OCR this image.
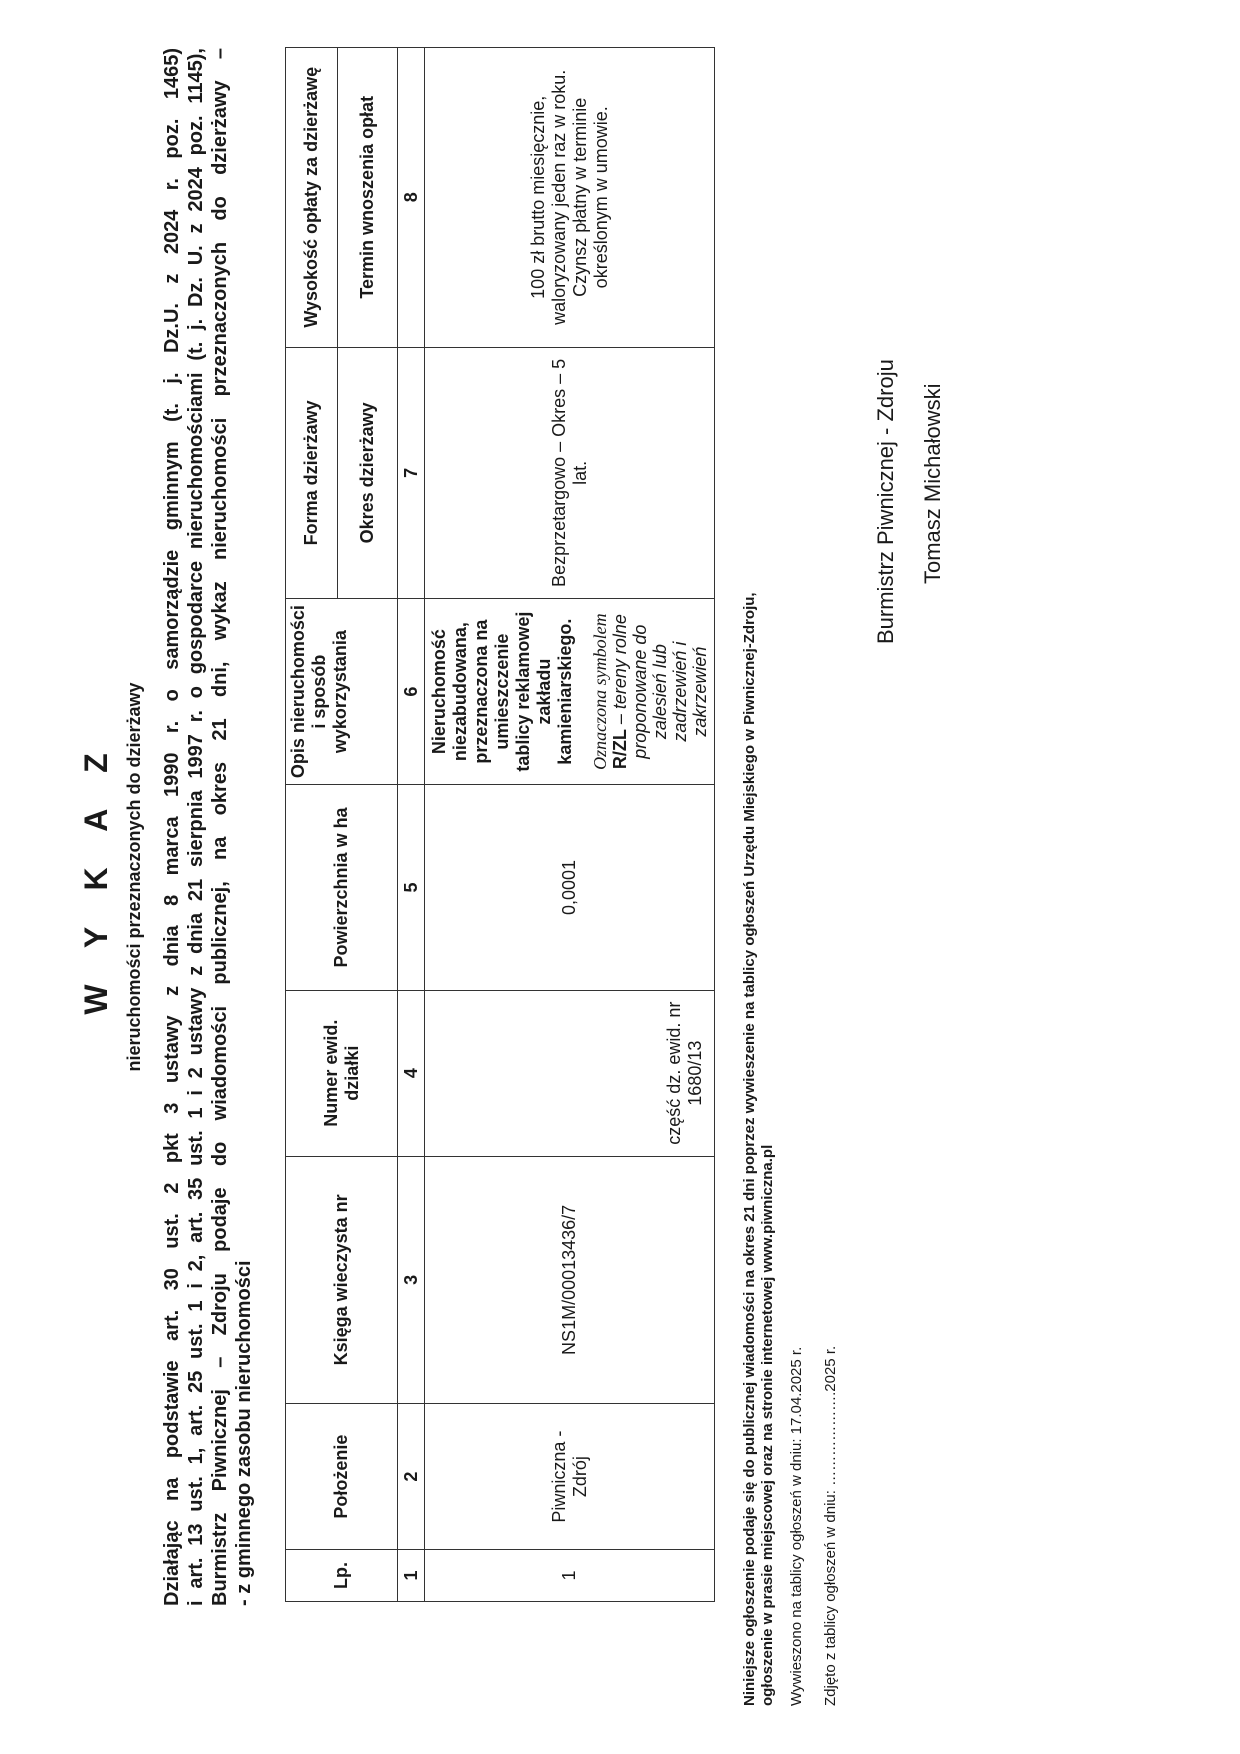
W Y K A Z nieruchomości przeznaczonych do dzierżawy Działając na podstawie art. 30 ust. 2 pkt 3 ustawy z dnia 8 marca 1990 r. o samorządzie gminnym (t. j. Dz.U. z 2024 r. poz. 1465) i art. 13 ust. 1, art. 25 ust. 1 i 2, art. 35 ust. 1 i 2 ustawy z dnia 21 sierpnia 1997 r. o gospodarce nieruchomościami (t. j. Dz. U. z 2024 poz. 1145), Burmistrz Piwnicznej – Zdroju podaje do wiadomości publicznej, na okres 21 dni, wykaz nieruchomości przeznaczonych do dzierżawy – - z gminnego zasobu nieruchomości	Lp.	Położenie	Księga wieczysta nr	Numer ewid. działki	Powierzchnia w ha	Opis nieruchomości i sposób wykorzystania	Forma dzierżawy	Wysokość opłaty za dzierżawę
						Okres dzierżawy	Termin wnoszenia opłat
1	2	3	4	5	6	7	8
1	Piwniczna - Zdrój	NS1M/00013436/7	część dz. ewid. nr 1680/13	0,0001	Nieruchomość niezabudowana, przeznaczona na umieszczenie tablicy reklamowej zakładu kamieniarskiego. Oznaczona symbolem R/ZL – tereny rolne proponowane do zalesień lub zadrzewień i zakrzewień	Bezprzetargowo – Okres – 5 lat.	100 zł brutto miesięcznie, waloryzowany jeden raz w roku. Czynsz płatny w terminie określonym w umowie.
Niniejsze ogłoszenie podaje się do publicznej wiadomości na okres 21 dni poprzez wywieszenie na tablicy ogłoszeń Urzędu Miejskiego w Piwnicznej-Zdroju, ogłoszenie w prasie miejscowej oraz na stronie internetowej www.piwniczna.pl Wywieszono na tablicy ogłoszeń w dniu: 17.04.2025 r. Zdjęto z tablicy ogłoszeń w dniu: ……………….2025 r.
Burmistrz Piwnicznej - Zdroju Tomasz Michałowski
